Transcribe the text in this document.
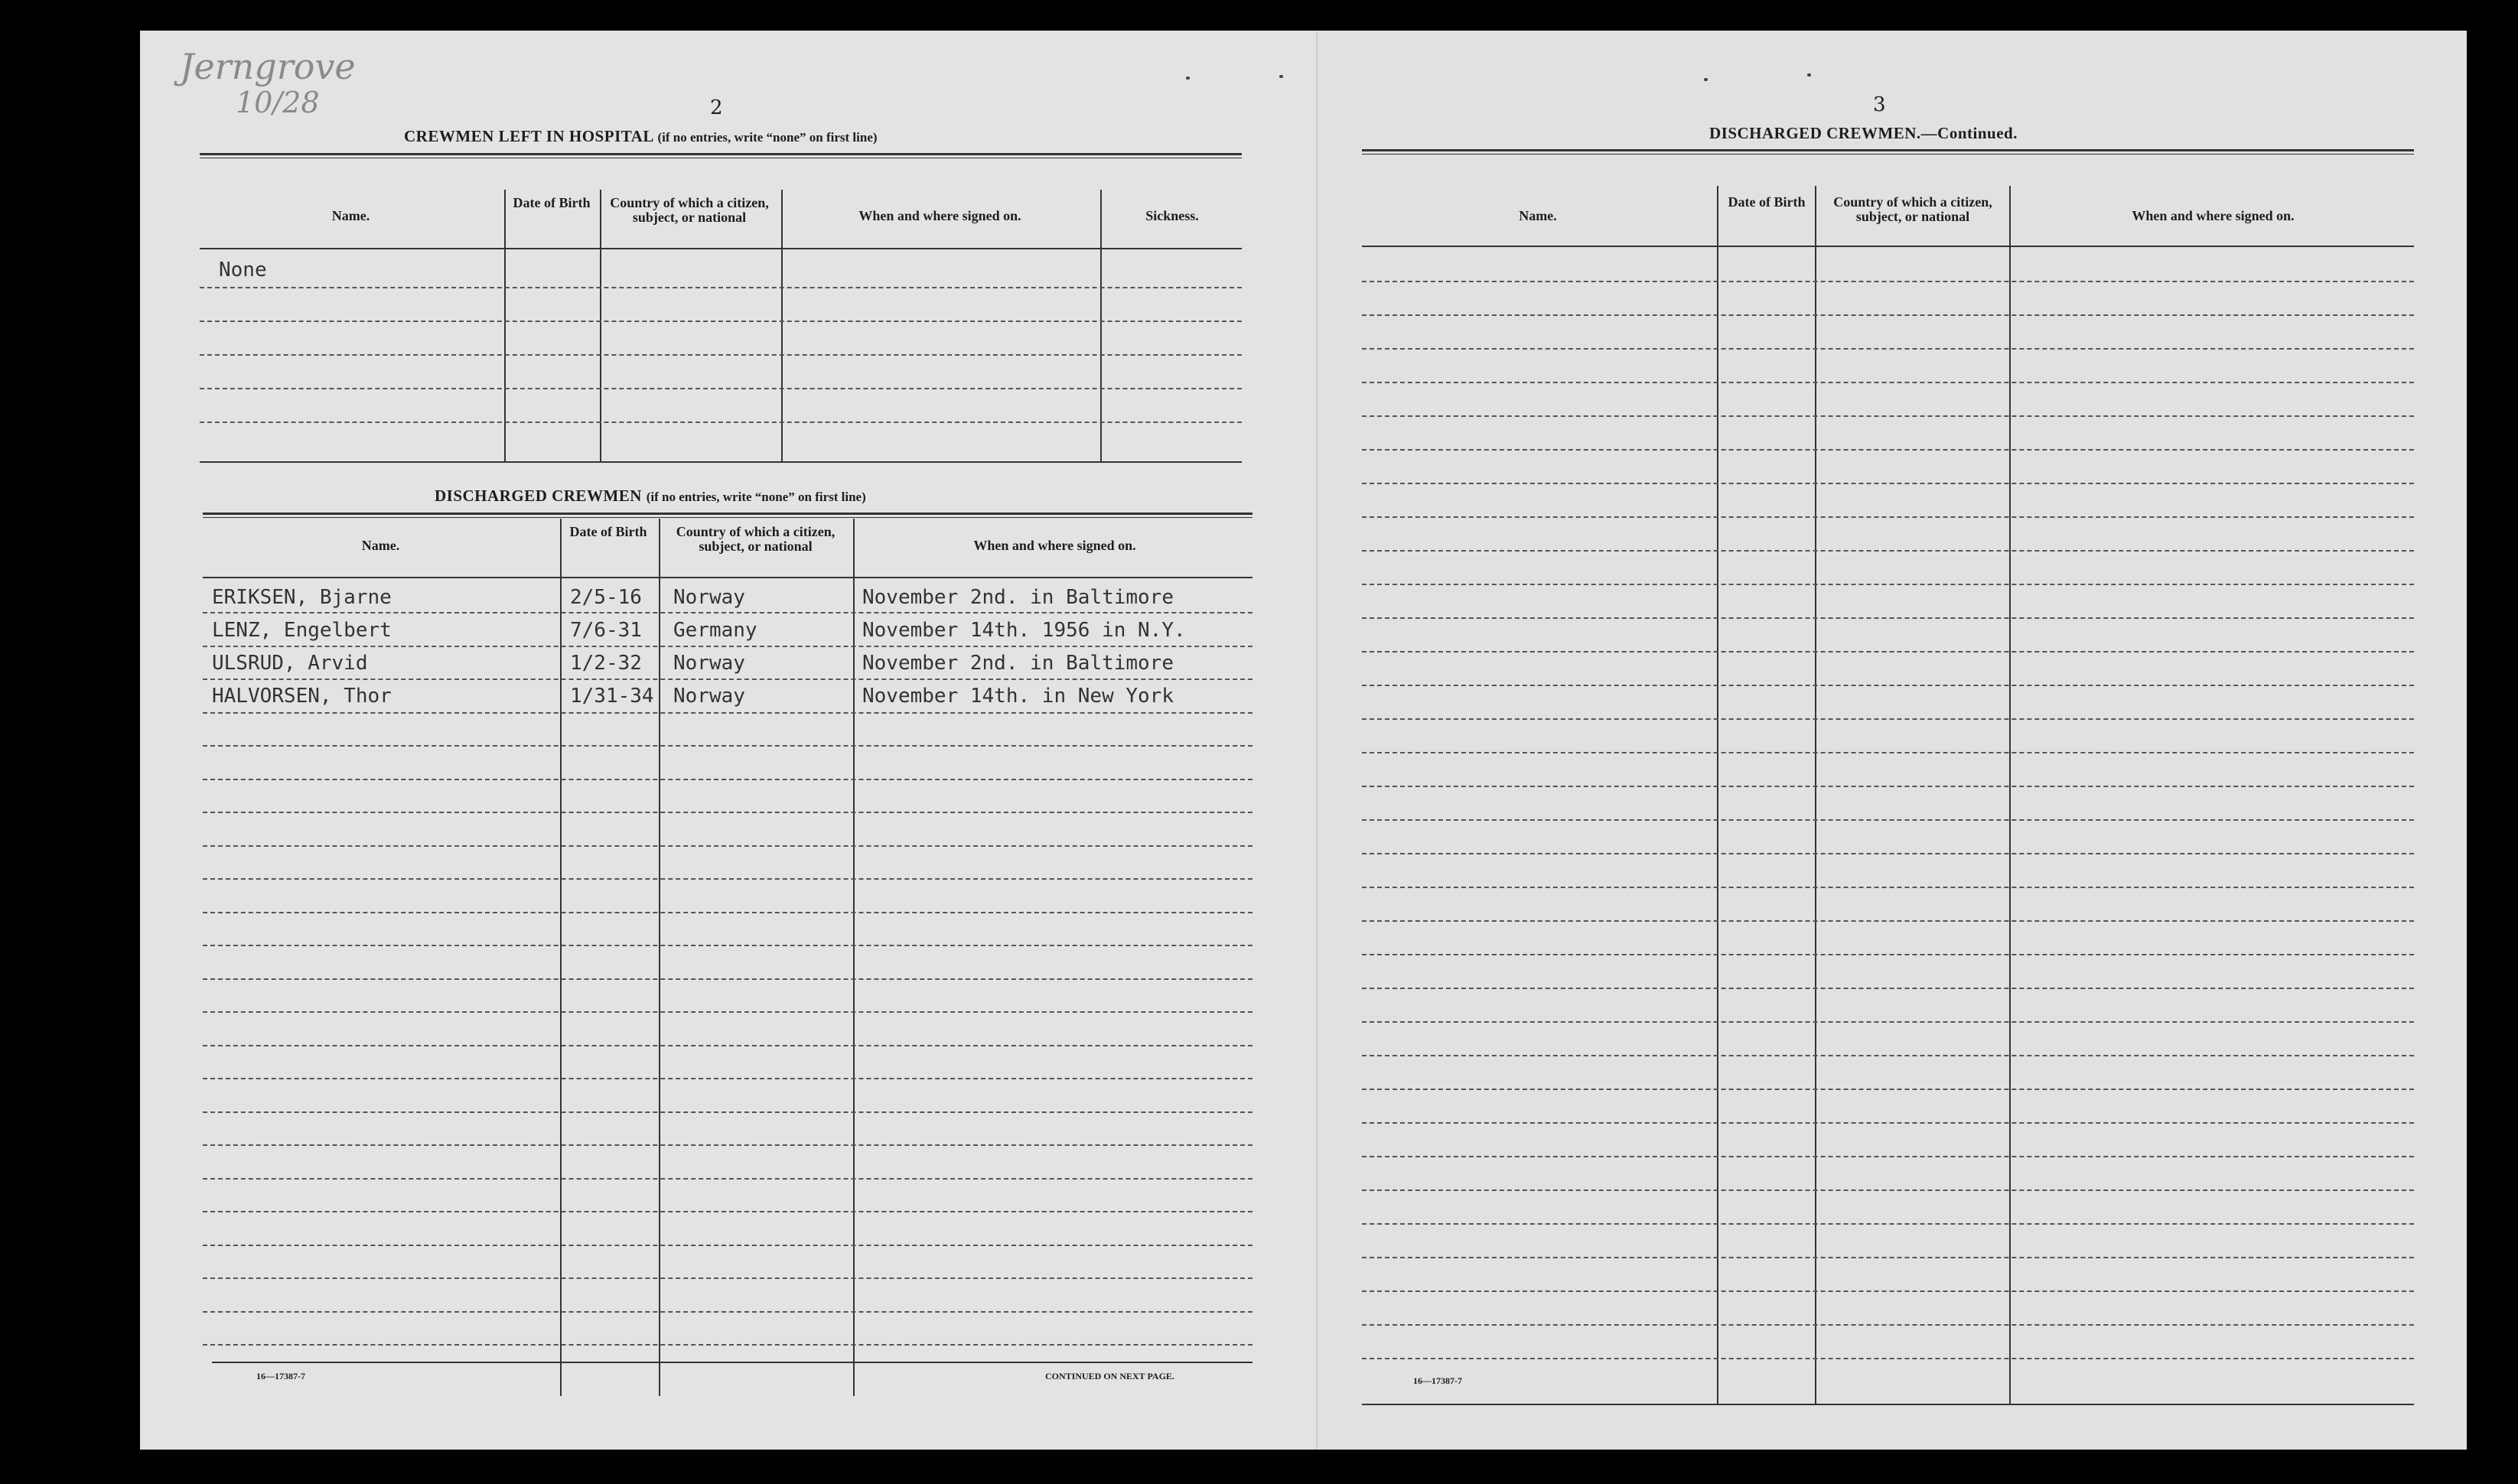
Jerngrove
10/28	2
CREWMEN LEFT IN HOSPITAL (if no entries, write “none” on first line)
Name.
Date of Birth	Country of which a citizen, subject, or national	When and where signed on.	Sickness.
None
DISCHARGED CREWMEN (if no entries, write “none” on first line)
Name.
Date of Birth	Country of which a citizen, subject, or national	When and where signed on.
ERIKSEN, Bjarne	2/5-16 Norway	November 2nd. in Baltimore
LENZ, Engelbert	7/6-31 Germany	November 14th. 1956 in N.Y.
ULSRUD, Arvid	1/2-32 Norway	November 2nd. in Baltimore
HALVORSEN, Thor	1/31-34 Norway	November 14th. in New York
16—17387-7	CONTINUED ON NEXT PAGE.
3
DISCHARGED CREWMEN.—Continued.
Name.
Date of Birth	Country of which a citizen, subject, or national	When and where signed on.
16—17387-7
